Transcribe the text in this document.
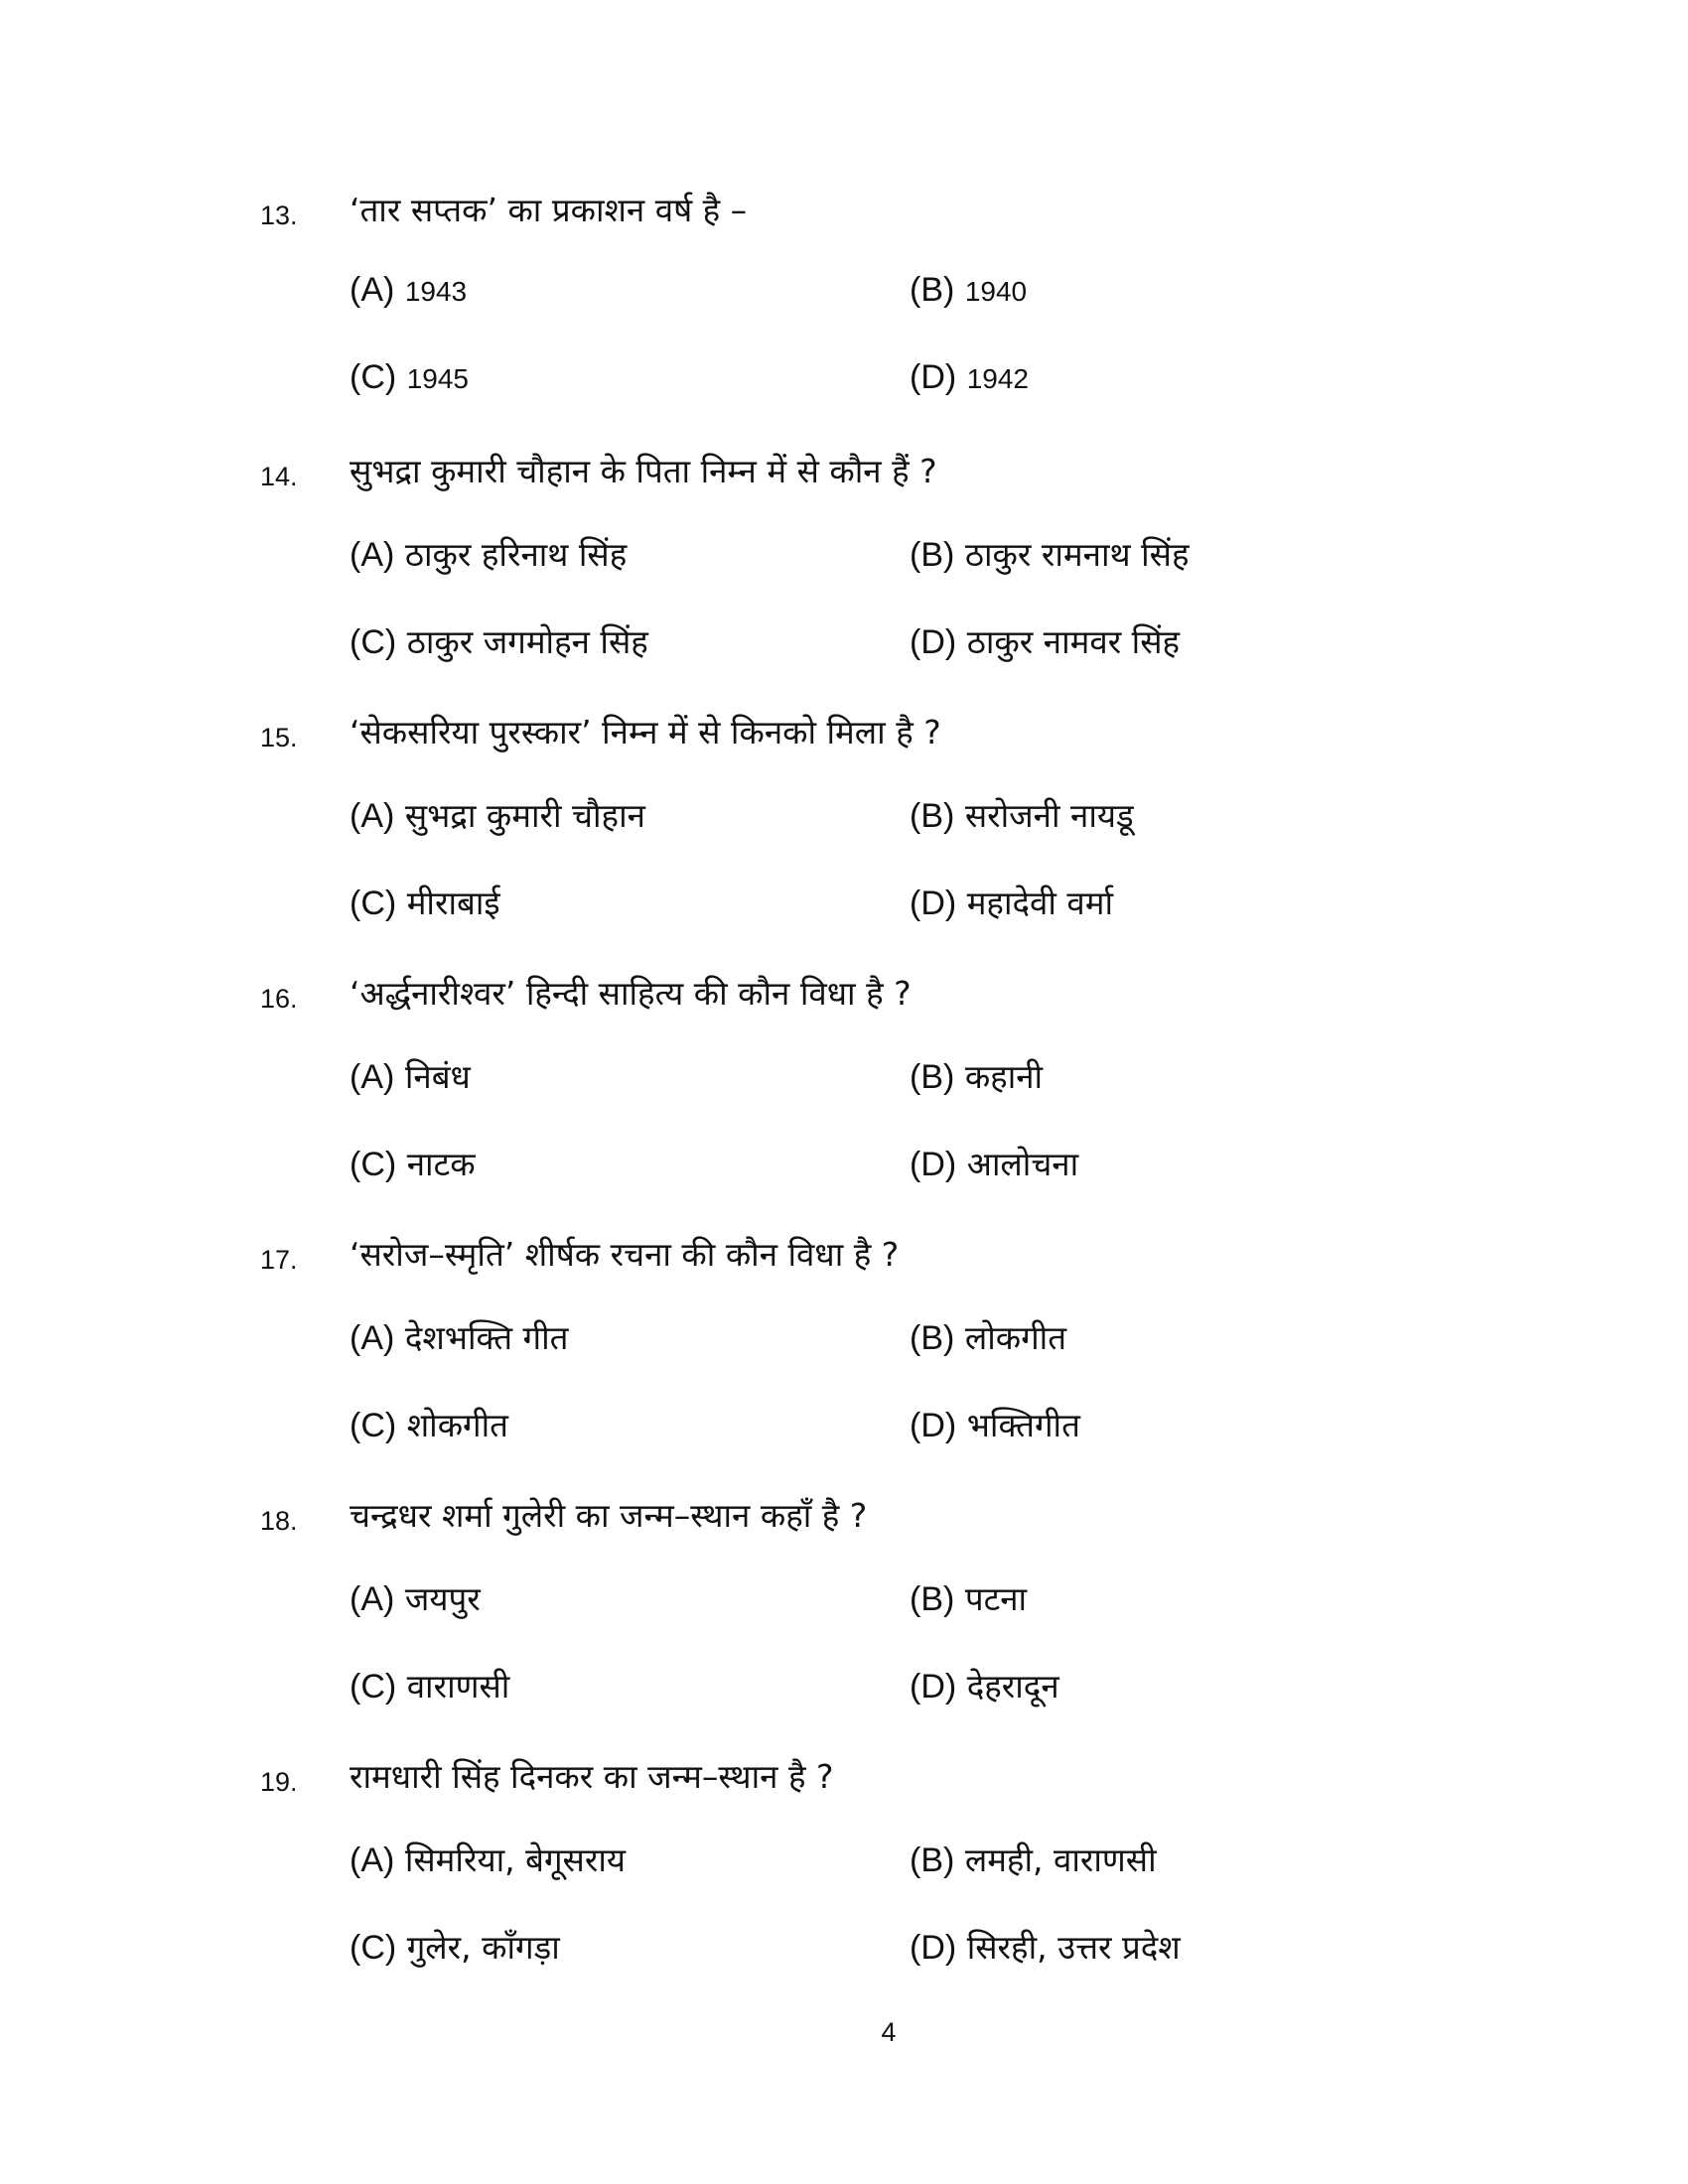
13. ‘तार सप्तक’ का प्रकाशन वर्ष है –
(A) 1943	(B) 1940
(C) 1945	(D) 1942
14. सुभद्रा कुमारी चौहान के पिता निम्न में से कौन हैं ?
(A) ठाकुर हरिनाथ सिंह	(B) ठाकुर रामनाथ सिंह
(C) ठाकुर जगमोहन सिंह	(D) ठाकुर नामवर सिंह
15. ‘सेकसरिया पुरस्कार’ निम्न में से किनको मिला है ?
(A) सुभद्रा कुमारी चौहान	(B) सरोजनी नायडू
(C) मीराबाई	(D) महादेवी वर्मा
16. ‘अर्द्धनारीश्वर’ हिन्दी साहित्य की कौन विधा है ?
(A) निबंध	(B) कहानी
(C) नाटक	(D) आलोचना
17. ‘सरोज–स्मृति’ शीर्षक रचना की कौन विधा है ?
(A) देशभक्ति गीत	(B) लोकगीत
(C) शोकगीत	(D) भक्तिगीत
18. चन्द्रधर शर्मा गुलेरी का जन्म–स्थान कहाँ है ?
(A) जयपुर	(B) पटना
(C) वाराणसी	(D) देहरादून
19. रामधारी सिंह दिनकर का जन्म–स्थान है ?
(A) सिमरिया, बेगूसराय	(B) लमही, वाराणसी
(C) गुलेर, काँगड़ा	(D) सिरही, उत्तर प्रदेश
4
